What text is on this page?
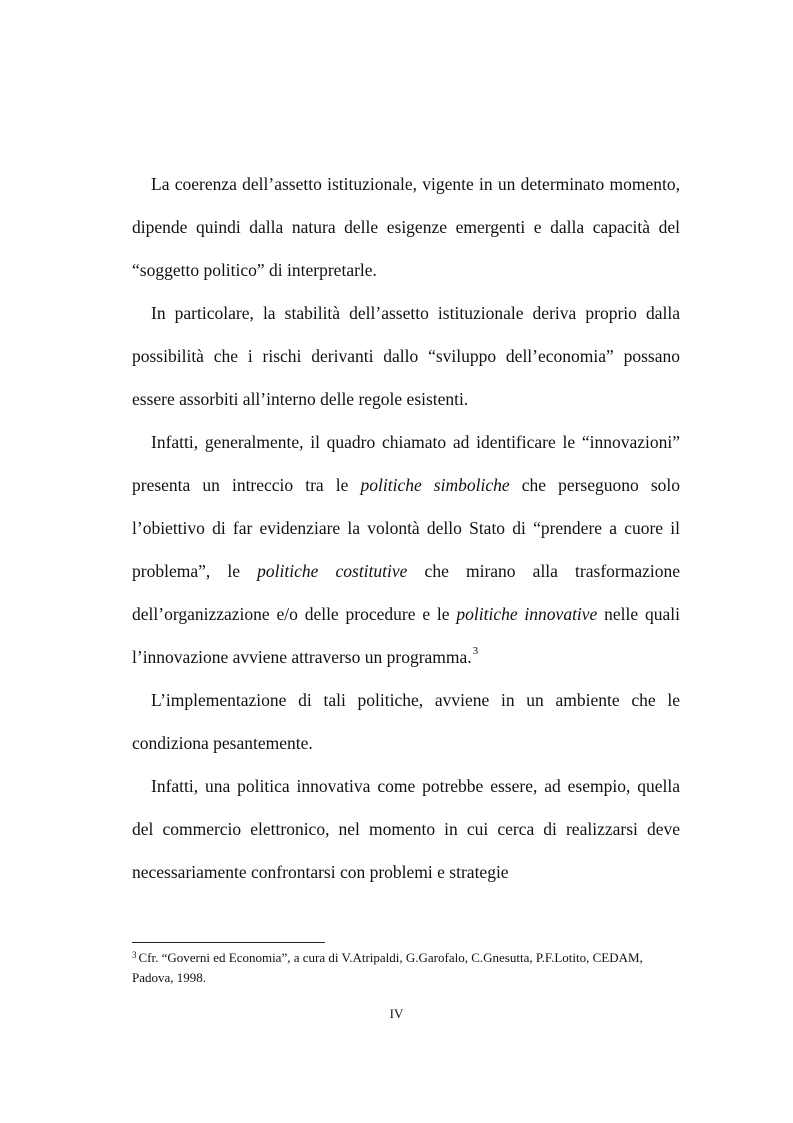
La coerenza dell’assetto istituzionale, vigente in un determinato momento, dipende quindi dalla natura delle esigenze emergenti e dalla capacità del “soggetto politico” di interpretarle.

In particolare, la stabilità dell’assetto istituzionale deriva proprio dalla possibilità che i rischi derivanti dallo “sviluppo dell’economia” possano essere assorbiti all’interno delle regole esistenti.

Infatti, generalmente, il quadro chiamato ad identificare le “innovazioni” presenta un intreccio tra le politiche simboliche che perseguono solo l’obiettivo di far evidenziare la volontà dello Stato di “prendere a cuore il problema”, le politiche costitutive che mirano alla trasformazione dell’organizzazione e/o delle procedure e le politiche innovative nelle quali l’innovazione avviene attraverso un programma.$^3$

L’implementazione di tali politiche, avviene in un ambiente che le condiziona pesantemente.

Infatti, una politica innovativa come potrebbe essere, ad esempio, quella del commercio elettronico, nel momento in cui cerca di realizzarsi deve necessariamente confrontarsi con problemi e strategie

$^3$ Cfr. “Governi ed Economia”, a cura di V.Atripaldi, G.Garofalo, C.Gnesutta, P.F.Lotito, CEDAM, Padova, 1998.
IV
